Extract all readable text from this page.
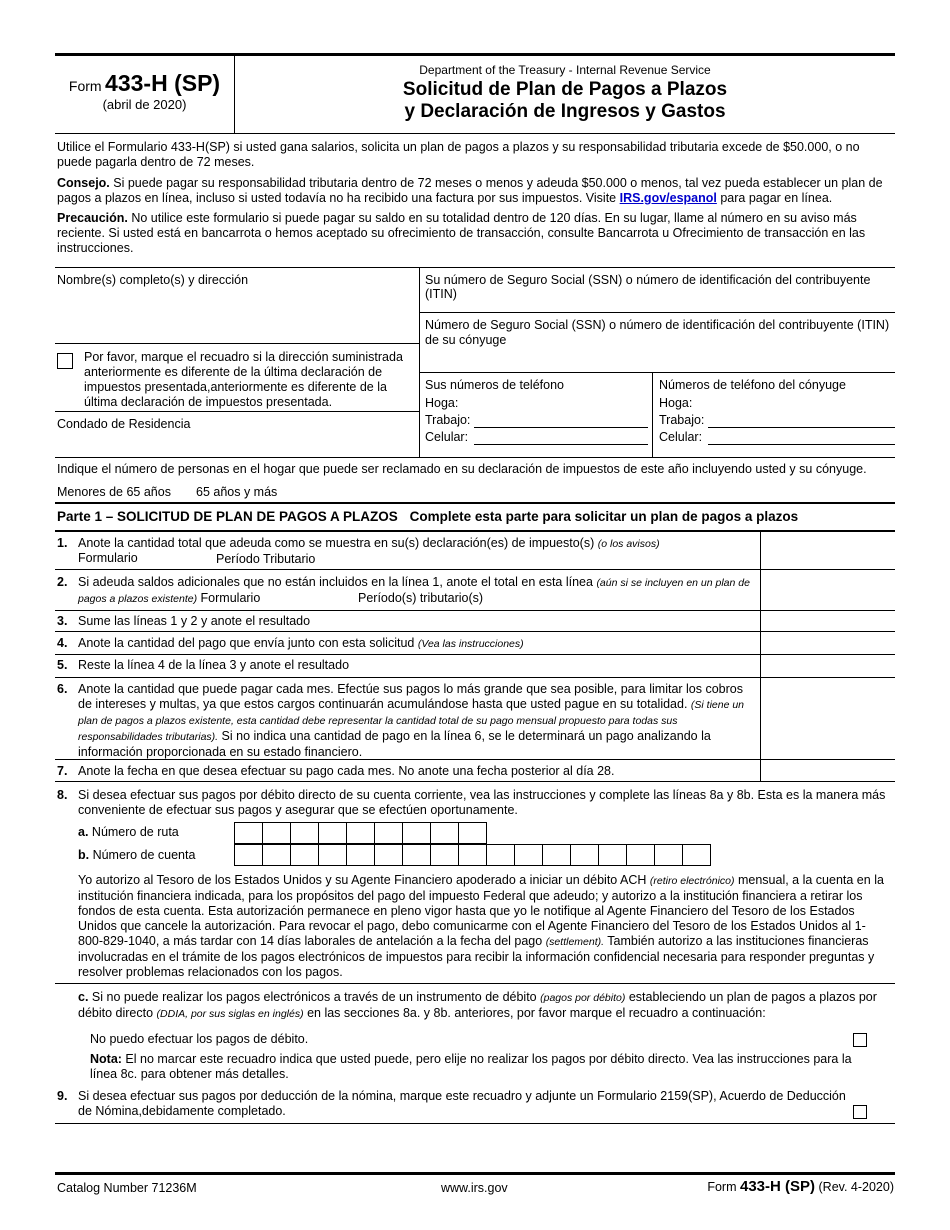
Form 433-H (SP)
(abril de 2020)
Department of the Treasury - Internal Revenue Service
Solicitud de Plan de Pagos a Plazos
y Declaración de Ingresos y Gastos
Utilice el Formulario 433-H(SP) si usted gana salarios, solicita un plan de pagos a plazos y su responsabilidad tributaria excede de $50.000, o no puede pagarla dentro de 72 meses.
Consejo. Si puede pagar su responsabilidad tributaria dentro de 72 meses o menos y adeuda $50.000 o menos, tal vez pueda establecer un plan de pagos a plazos en línea, incluso si usted todavía no ha recibido una factura por sus impuestos. Visite IRS.gov/espanol para pagar en línea.
Precaución. No utilice este formulario si puede pagar su saldo en su totalidad dentro de 120 días. En su lugar, llame al número en su aviso más reciente. Si usted está en bancarrota o hemos aceptado su ofrecimiento de transacción, consulte Bancarrota u Ofrecimiento de transacción en las instrucciones.
Nombre(s) completo(s) y dirección	Su número de Seguro Social (SSN) o número de identificación del contribuyente (ITIN)
Número de Seguro Social (SSN) o número de identificación del contribuyente (ITIN) de su cónyuge
Por favor, marque el recuadro si la dirección suministrada anteriormente es diferente de la última declaración de impuestos presentada,anteriormente es diferente de la última declaración de impuestos presentada.
Condado de Residencia
Sus números de teléfono
Hoga:
Trabajo:
Celular:
Números de teléfono del cónyuge
Hoga:
Trabajo:
Celular:
Indique el número de personas en el hogar que puede ser reclamado en su declaración de impuestos de este año incluyendo usted y su cónyuge.
Menores de 65 años 65 años y más
Parte 1 – SOLICITUD DE PLAN DE PAGOS A PLAZOS Complete esta parte para solicitar un plan de pagos a plazos
1. Anote la cantidad total que adeuda como se muestra en su(s) declaración(es) de impuesto(s) (o los avisos)
Formulario	Período Tributario
2. Si adeuda saldos adicionales que no están incluidos en la línea 1, anote el total en esta línea (aún si se incluyen en un plan de pagos a plazos existente) Formulario	Período(s) tributario(s)
3. Sume las líneas 1 y 2 y anote el resultado
4. Anote la cantidad del pago que envía junto con esta solicitud (Vea las instrucciones)
5. Reste la línea 4 de la línea 3 y anote el resultado
6. Anote la cantidad que puede pagar cada mes. Efectúe sus pagos lo más grande que sea posible, para limitar los cobros de intereses y multas, ya que estos cargos continuarán acumulándose hasta que usted pague en su totalidad. (Si tiene un plan de pagos a plazos existente, esta cantidad debe representar la cantidad total de su pago mensual propuesto para todas sus responsabilidades tributarias). Si no indica una cantidad de pago en la línea 6, se le determinará un pago analizando la información proporcionada en su estado financiero.
7. Anote la fecha en que desea efectuar su pago cada mes. No anote una fecha posterior al día 28.
8. Si desea efectuar sus pagos por débito directo de su cuenta corriente, vea las instrucciones y complete las líneas 8a y 8b. Esta es la manera más conveniente de efectuar sus pagos y asegurar que se efectúen oportunamente.
a. Número de ruta
b. Número de cuenta
Yo autorizo al Tesoro de los Estados Unidos y su Agente Financiero apoderado a iniciar un débito ACH (retiro electrónico) mensual, a la cuenta en la institución financiera indicada, para los propósitos del pago del impuesto Federal que adeudo; y autorizo a la institución financiera a retirar los fondos de esta cuenta. Esta autorización permanece en pleno vigor hasta que yo le notifique al Agente Financiero del Tesoro de los Estados Unidos que cancele la autorización. Para revocar el pago, debo comunicarme con el Agente Financiero del Tesoro de los Estados Unidos al 1-800-829-1040, a más tardar con 14 días laborales de antelación a la fecha del pago (settlement). También autorizo a las instituciones financieras involucradas en el trámite de los pagos electrónicos de impuestos para recibir la información confidencial necesaria para responder preguntas y resolver problemas relacionados con los pagos.
c. Si no puede realizar los pagos electrónicos a través de un instrumento de débito (pagos por débito) estableciendo un plan de pagos a plazos por débito directo (DDIA, por sus siglas en inglés) en las secciones 8a. y 8b. anteriores, por favor marque el recuadro a continuación:
No puedo efectuar los pagos de débito.
Nota: El no marcar este recuadro indica que usted puede, pero elije no realizar los pagos por débito directo. Vea las instrucciones para la línea 8c. para obtener más detalles.
9. Si desea efectuar sus pagos por deducción de la nómina, marque este recuadro y adjunte un Formulario 2159(SP), Acuerdo de Deducción de Nómina,debidamente completado.
Catalog Number 71236M	www.irs.gov	Form 433-H (SP) (Rev. 4-2020)
